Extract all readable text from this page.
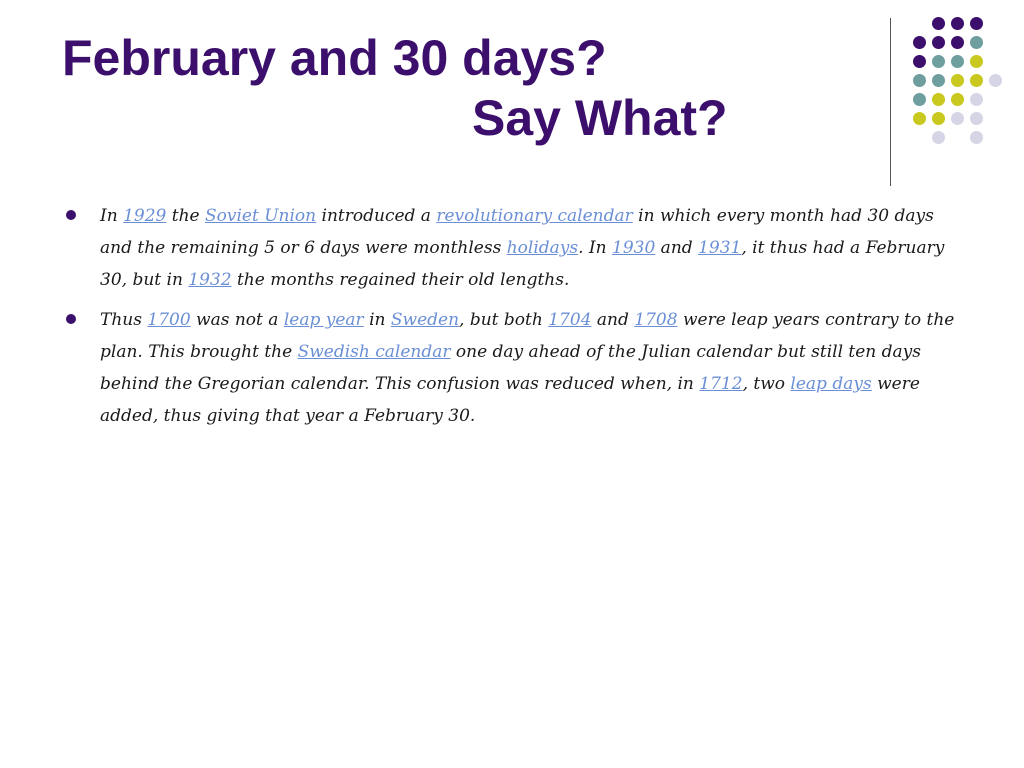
February and 30 days?
Say What?
In 1929 the Soviet Union introduced a revolutionary calendar in which every month had 30 days and the remaining 5 or 6 days were monthless holidays. In 1930 and 1931, it thus had a February 30, but in 1932 the months regained their old lengths.
Thus 1700 was not a leap year in Sweden, but both 1704 and 1708 were leap years contrary to the plan. This brought the Swedish calendar one day ahead of the Julian calendar but still ten days behind the Gregorian calendar. This confusion was reduced when, in 1712, two leap days were added, thus giving that year a February 30.
